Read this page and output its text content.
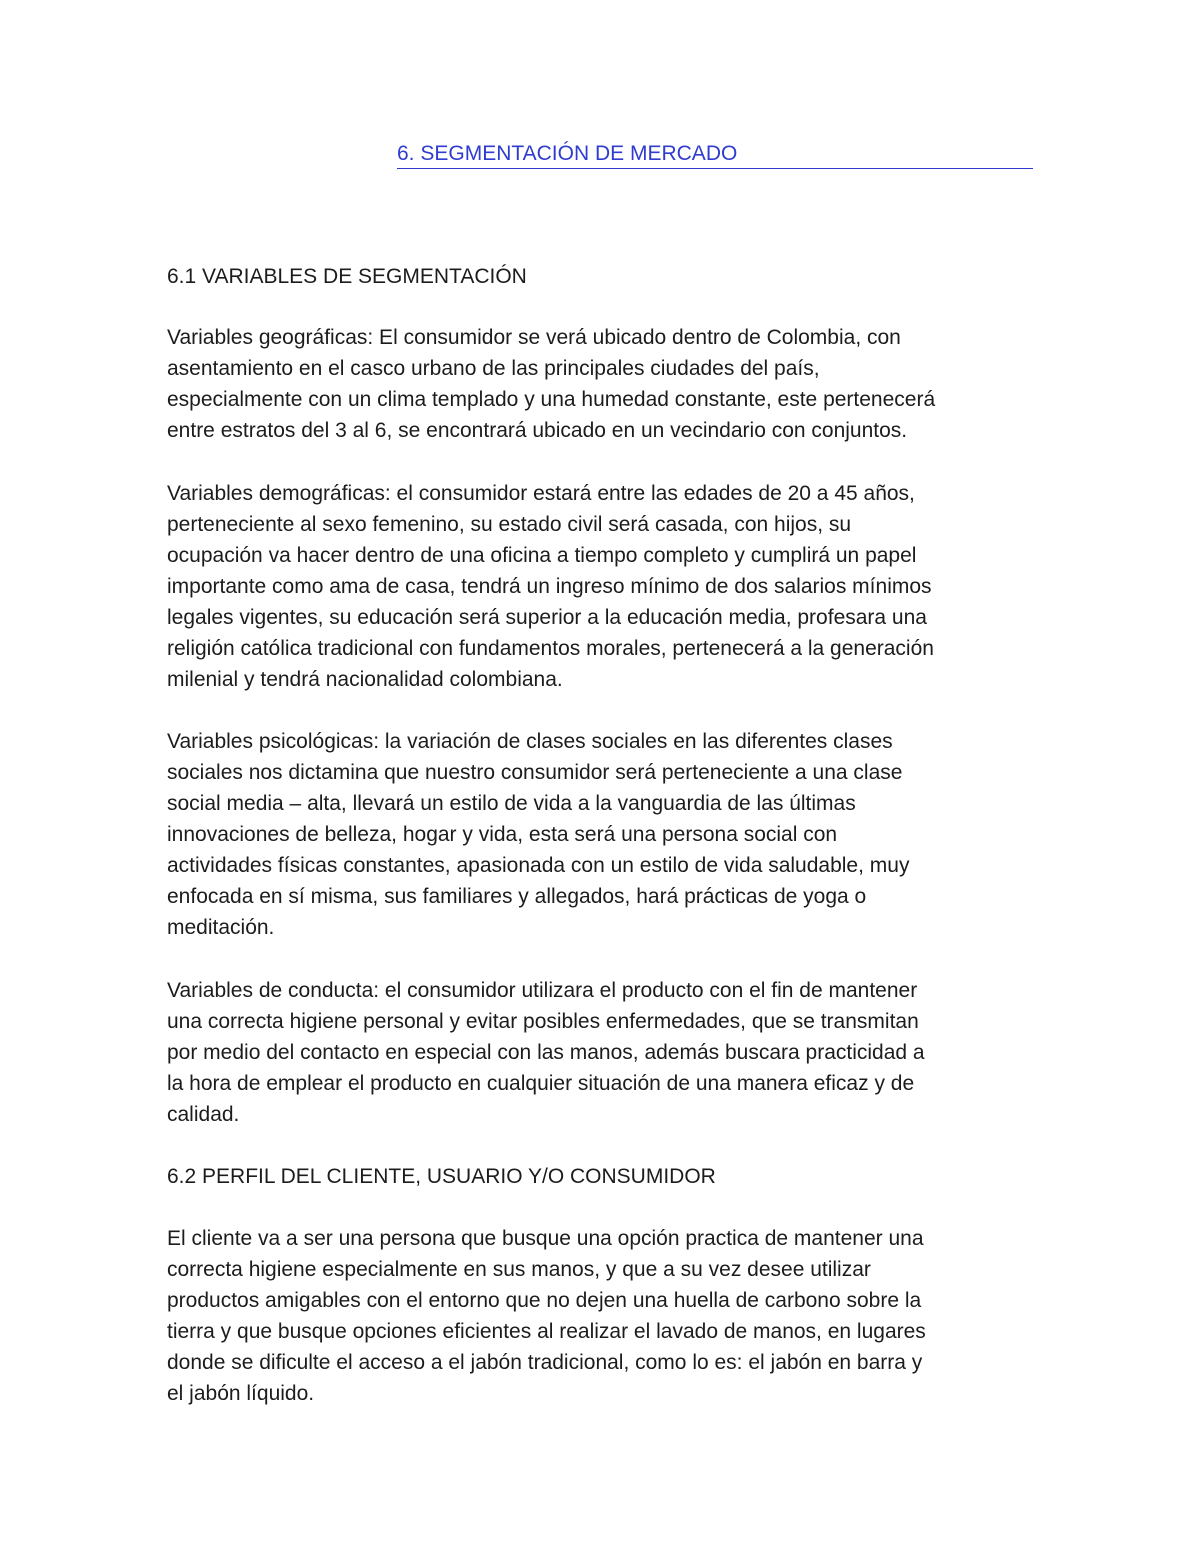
6. SEGMENTACIÓN DE MERCADO

6.1 VARIABLES DE SEGMENTACIÓN

Variables geográficas: El consumidor se verá ubicado dentro de Colombia, con
asentamiento en el casco urbano de las principales ciudades del país,
especialmente con un clima templado y una humedad constante, este pertenecerá
entre estratos del 3 al 6, se encontrará ubicado en un vecindario con conjuntos.

Variables demográficas: el consumidor estará entre las edades de 20 a 45 años,
perteneciente al sexo femenino, su estado civil será casada, con hijos, su
ocupación va hacer dentro de una oficina a tiempo completo y cumplirá un papel
importante como ama de casa, tendrá un ingreso mínimo de dos salarios mínimos
legales vigentes, su educación será superior a la educación media, profesara una
religión católica tradicional con fundamentos morales, pertenecerá a la generación
milenial y tendrá nacionalidad colombiana.

Variables psicológicas: la variación de clases sociales en las diferentes clases
sociales nos dictamina que nuestro consumidor será perteneciente a una clase
social media – alta, llevará un estilo de vida a la vanguardia de las últimas
innovaciones de belleza, hogar y vida, esta será una persona social con
actividades físicas constantes, apasionada con un estilo de vida saludable, muy
enfocada en sí misma, sus familiares y allegados, hará prácticas de yoga o
meditación.

Variables de conducta: el consumidor utilizara el producto con el fin de mantener
una correcta higiene personal y evitar posibles enfermedades, que se transmitan
por medio del contacto en especial con las manos, además buscara practicidad a
la hora de emplear el producto en cualquier situación de una manera eficaz y de
calidad.

6.2 PERFIL DEL CLIENTE, USUARIO Y/O CONSUMIDOR

El cliente va a ser una persona que busque una opción practica de mantener una
correcta higiene especialmente en sus manos, y que a su vez desee utilizar
productos amigables con el entorno que no dejen una huella de carbono sobre la
tierra y que busque opciones eficientes al realizar el lavado de manos, en lugares
donde se dificulte el acceso a el jabón tradicional, como lo es: el jabón en barra y
el jabón líquido.
